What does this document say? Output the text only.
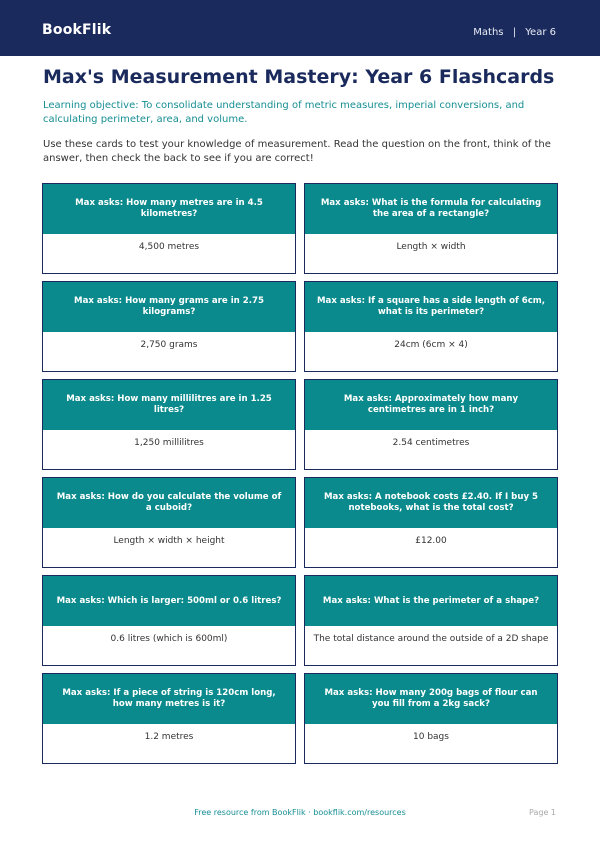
BookFlik	Maths | Year 6
Max's Measurement Mastery: Year 6 Flashcards

Learning objective: To consolidate understanding of metric measures, imperial conversions, and calculating perimeter, area, and volume.

Use these cards to test your knowledge of measurement. Read the question on the front, think of the answer, then check the back to see if you are correct!

Max asks: How many metres are in 4.5 kilometres?
4,500 metres
Max asks: What is the formula for calculating the area of a rectangle?
Length × width
Max asks: How many grams are in 2.75 kilograms?
2,750 grams
Max asks: If a square has a side length of 6cm, what is its perimeter?
24cm (6cm × 4)
Max asks: How many millilitres are in 1.25 litres?
1,250 millilitres
Max asks: Approximately how many centimetres are in 1 inch?
2.54 centimetres
Max asks: How do you calculate the volume of a cuboid?
Length × width × height
Max asks: A notebook costs £2.40. If I buy 5 notebooks, what is the total cost?
£12.00
Max asks: Which is larger: 500ml or 0.6 litres?
0.6 litres (which is 600ml)
Max asks: What is the perimeter of a shape?
The total distance around the outside of a 2D shape
Max asks: If a piece of string is 120cm long, how many metres is it?
1.2 metres
Max asks: How many 200g bags of flour can you fill from a 2kg sack?
10 bags
Free resource from BookFlik · bookflik.com/resources	Page 1
